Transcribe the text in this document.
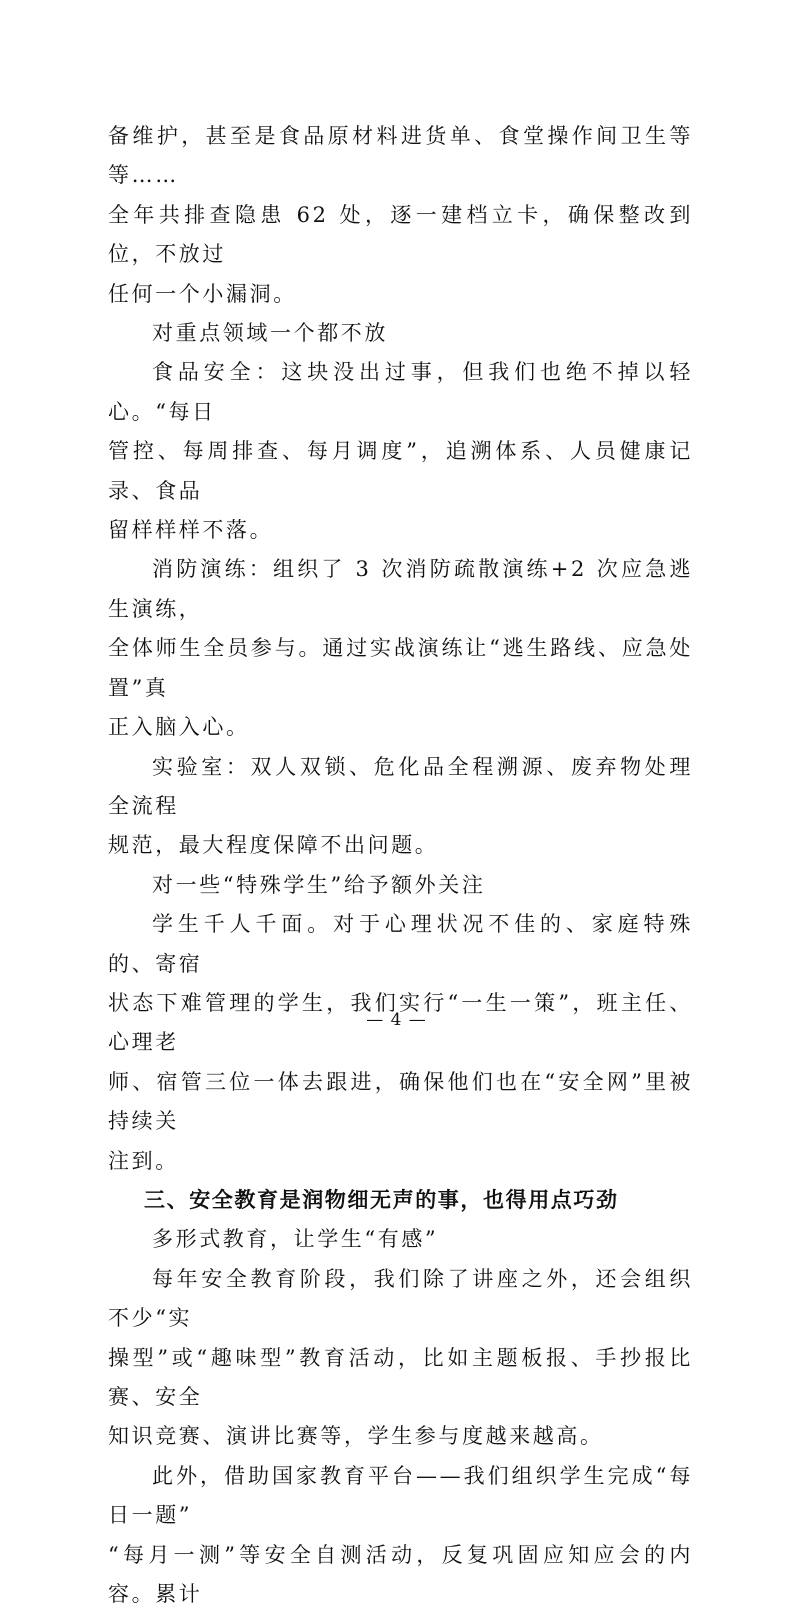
备维护，甚至是食品原材料进货单、食堂操作间卫生等等……

全年共排查隐患 62 处，逐一建档立卡，确保整改到位，不放过

任何一个小漏洞。

对重点领域一个都不放

食品安全：这块没出过事，但我们也绝不掉以轻心。“每日

管控、每周排查、每月调度”，追溯体系、人员健康记录、食品

留样样样不落。

消防演练：组织了 3 次消防疏散演练+2 次应急逃生演练，

全体师生全员参与。通过实战演练让“逃生路线、应急处置”真

正入脑入心。

实验室：双人双锁、危化品全程溯源、废弃物处理全流程

规范，最大程度保障不出问题。

对一些“特殊学生”给予额外关注

学生千人千面。对于心理状况不佳的、家庭特殊的、寄宿

状态下难管理的学生，我们实行“一生一策”，班主任、心理老

师、宿管三位一体去跟进，确保他们也在“安全网”里被持续关

注到。

三、安全教育是润物细无声的事，也得用点巧劲

多形式教育，让学生“有感”

每年安全教育阶段，我们除了讲座之外，还会组织不少“实

操型”或“趣味型”教育活动，比如主题板报、手抄报比赛、安全

知识竞赛、演讲比赛等，学生参与度越来越高。

此外，借助国家教育平台——我们组织学生完成“每日一题”

“每月一测”等安全自测活动，反复巩固应知应会的内容。累计

— 4 —
